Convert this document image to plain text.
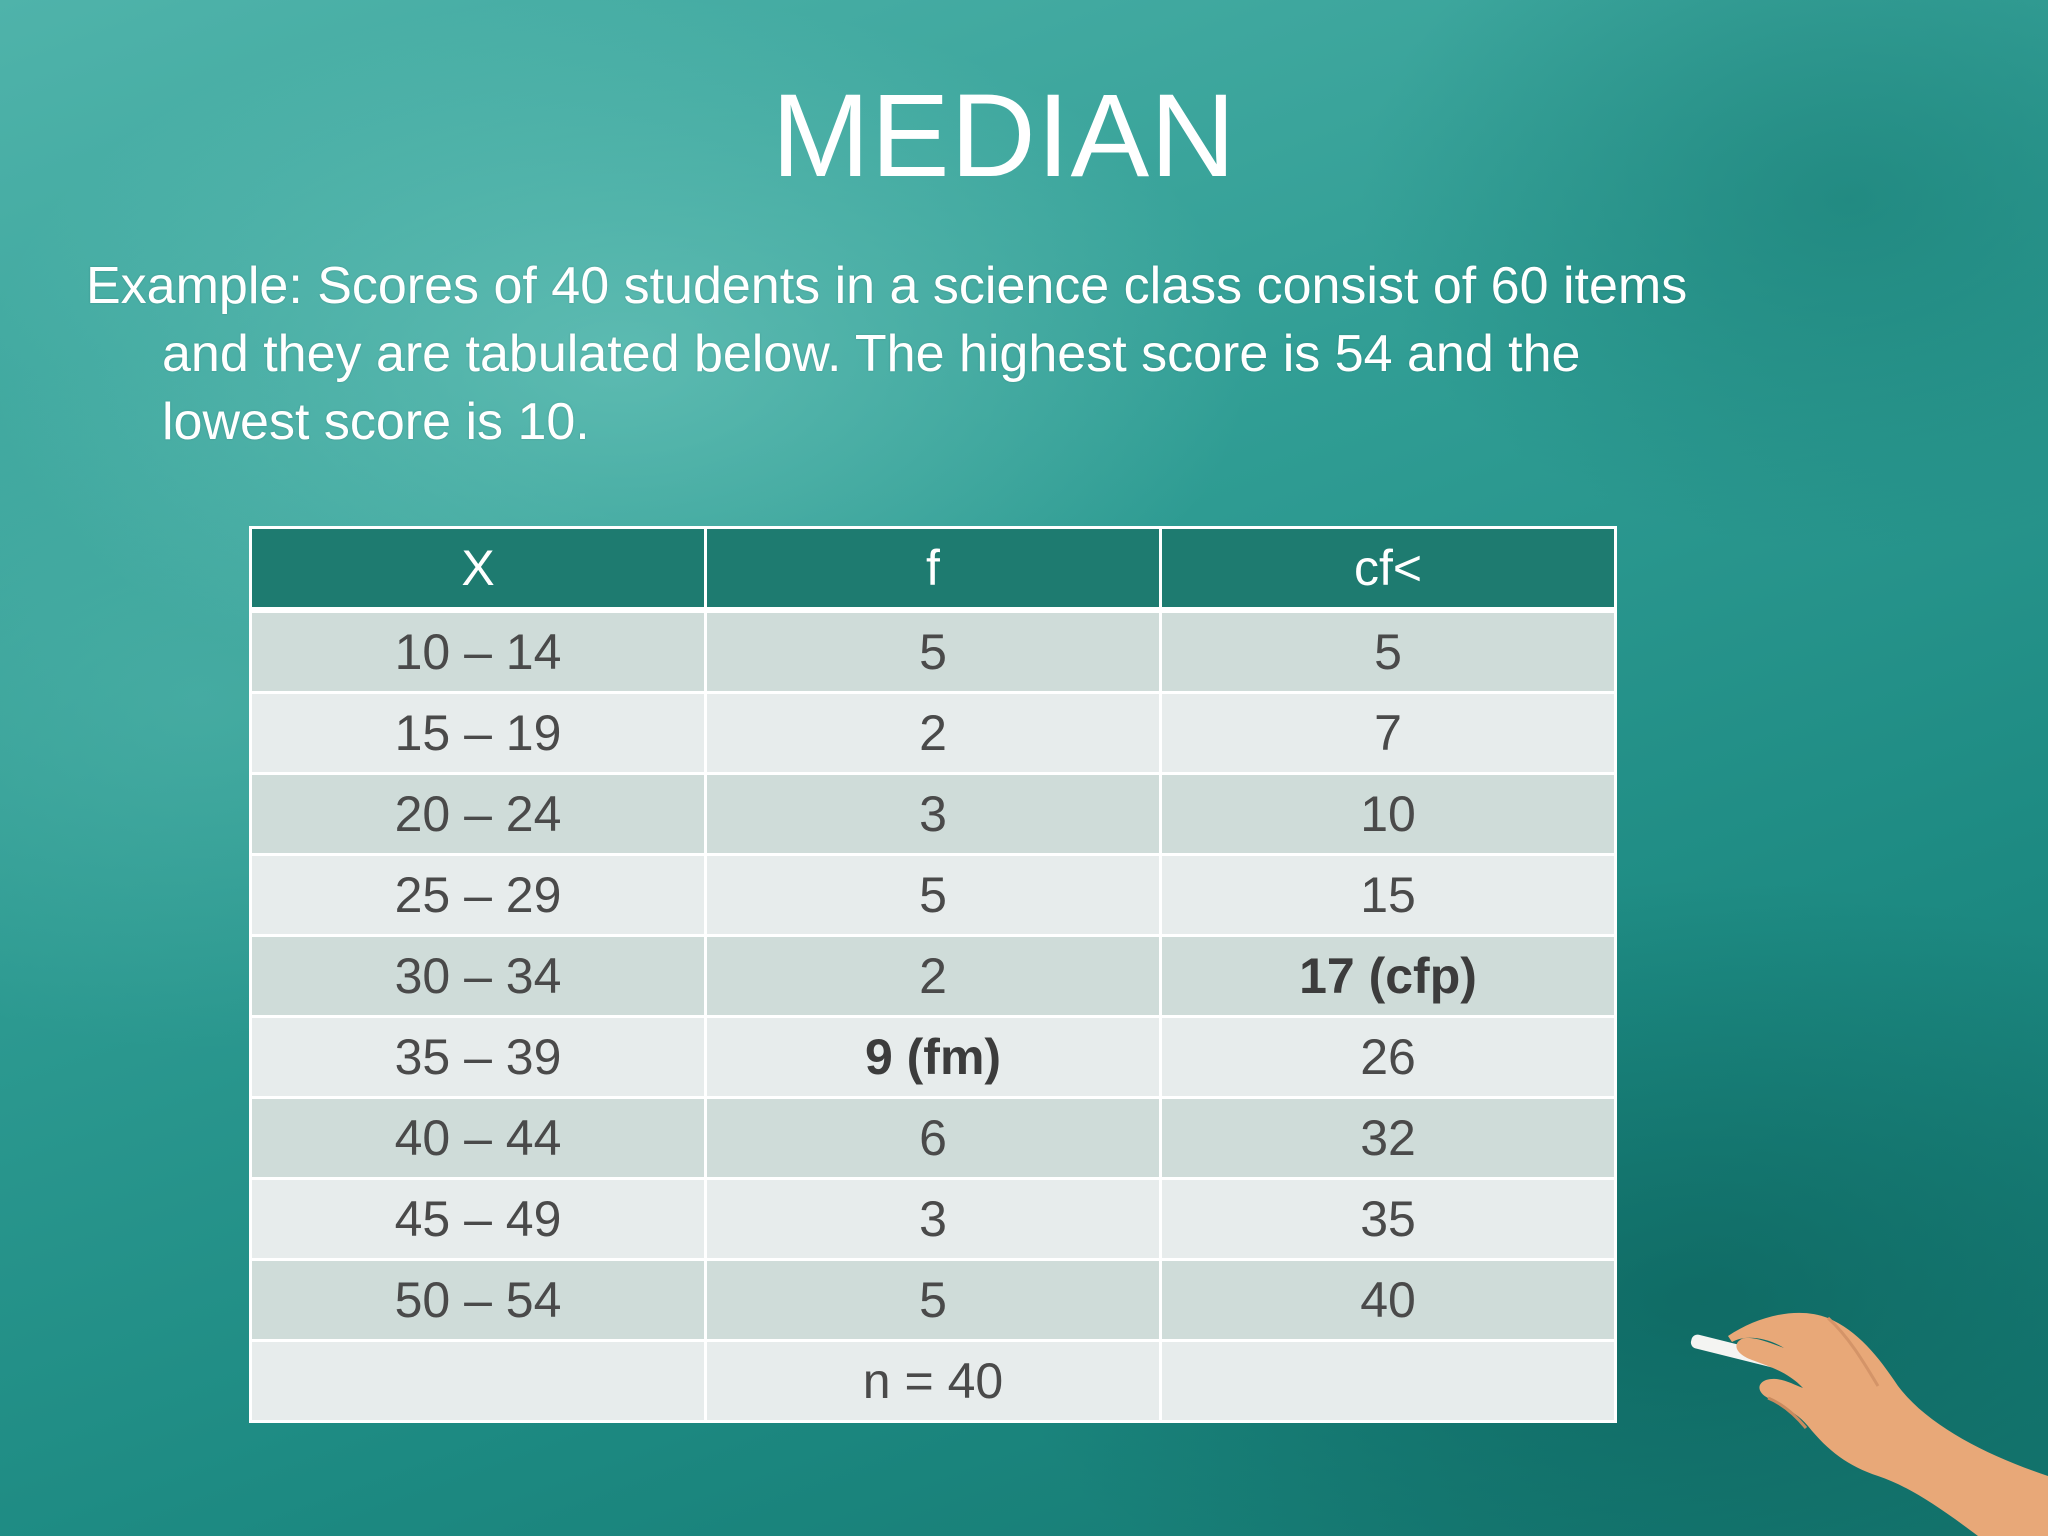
MEDIAN
Example: Scores of 40 students in a science class consist of 60 items
and they are tabulated below. The highest score is 54 and the
lowest score is 10.
X	f	cf<
10 – 14	5	5
15 – 19	2	7
20 – 24	3	10
25 – 29	5	15
30 – 34	2	17 (cfp)
35 – 39	9 (fm)	26
40 – 44	6	32
45 – 49	3	35
50 – 54	5	40
	n = 40	
